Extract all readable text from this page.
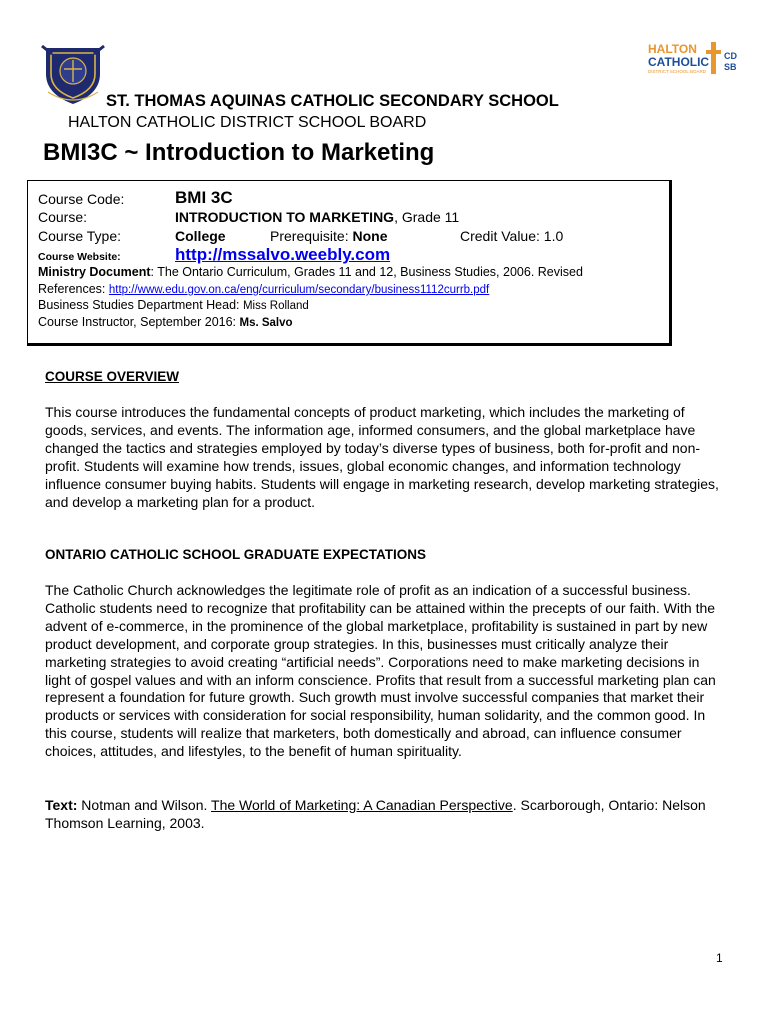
HALTON
CATHOLIC
DISTRICT SCHOOL BOARD
CD
SB
ST. THOMAS AQUINAS CATHOLIC SECONDARY SCHOOL
HALTON CATHOLIC DISTRICT SCHOOL BOARD
BMI3C ~ Introduction to Marketing
Course Code:	BMI 3C
Course:	INTRODUCTION TO MARKETING, Grade 11
Course Type:	College	Prerequisite: None	Credit Value: 1.0
Course Website:	http://mssalvo.weebly.com
Ministry Document: The Ontario Curriculum, Grades 11 and 12, Business Studies, 2006. Revised
References: http://www.edu.gov.on.ca/eng/curriculum/secondary/business1112currb.pdf
Business Studies Department Head: Miss Rolland
Course Instructor, September 2016: Ms. Salvo
COURSE OVERVIEW
This course introduces the fundamental concepts of product marketing, which includes the marketing of goods, services, and events. The information age, informed consumers, and the global marketplace have changed the tactics and strategies employed by today’s diverse types of business, both for-profit and non-profit. Students will examine how trends, issues, global economic changes, and information technology influence consumer buying habits. Students will engage in marketing research, develop marketing strategies, and develop a marketing plan for a product.
ONTARIO CATHOLIC SCHOOL GRADUATE EXPECTATIONS
The Catholic Church acknowledges the legitimate role of profit as an indication of a successful business. Catholic students need to recognize that profitability can be attained within the precepts of our faith. With the advent of e-commerce, in the prominence of the global marketplace, profitability is sustained in part by new product development, and corporate group strategies. In this, businesses must critically analyze their marketing strategies to avoid creating “artificial needs”. Corporations need to make marketing decisions in light of gospel values and with an inform conscience. Profits that result from a successful marketing plan can represent a foundation for future growth. Such growth must involve successful companies that market their products or services with consideration for social responsibility, human solidarity, and the common good. In this course, students will realize that marketers, both domestically and abroad, can influence consumer choices, attitudes, and lifestyles, to the benefit of human spirituality.
Text: Notman and Wilson. The World of Marketing: A Canadian Perspective. Scarborough, Ontario: Nelson Thomson Learning, 2003.
1
